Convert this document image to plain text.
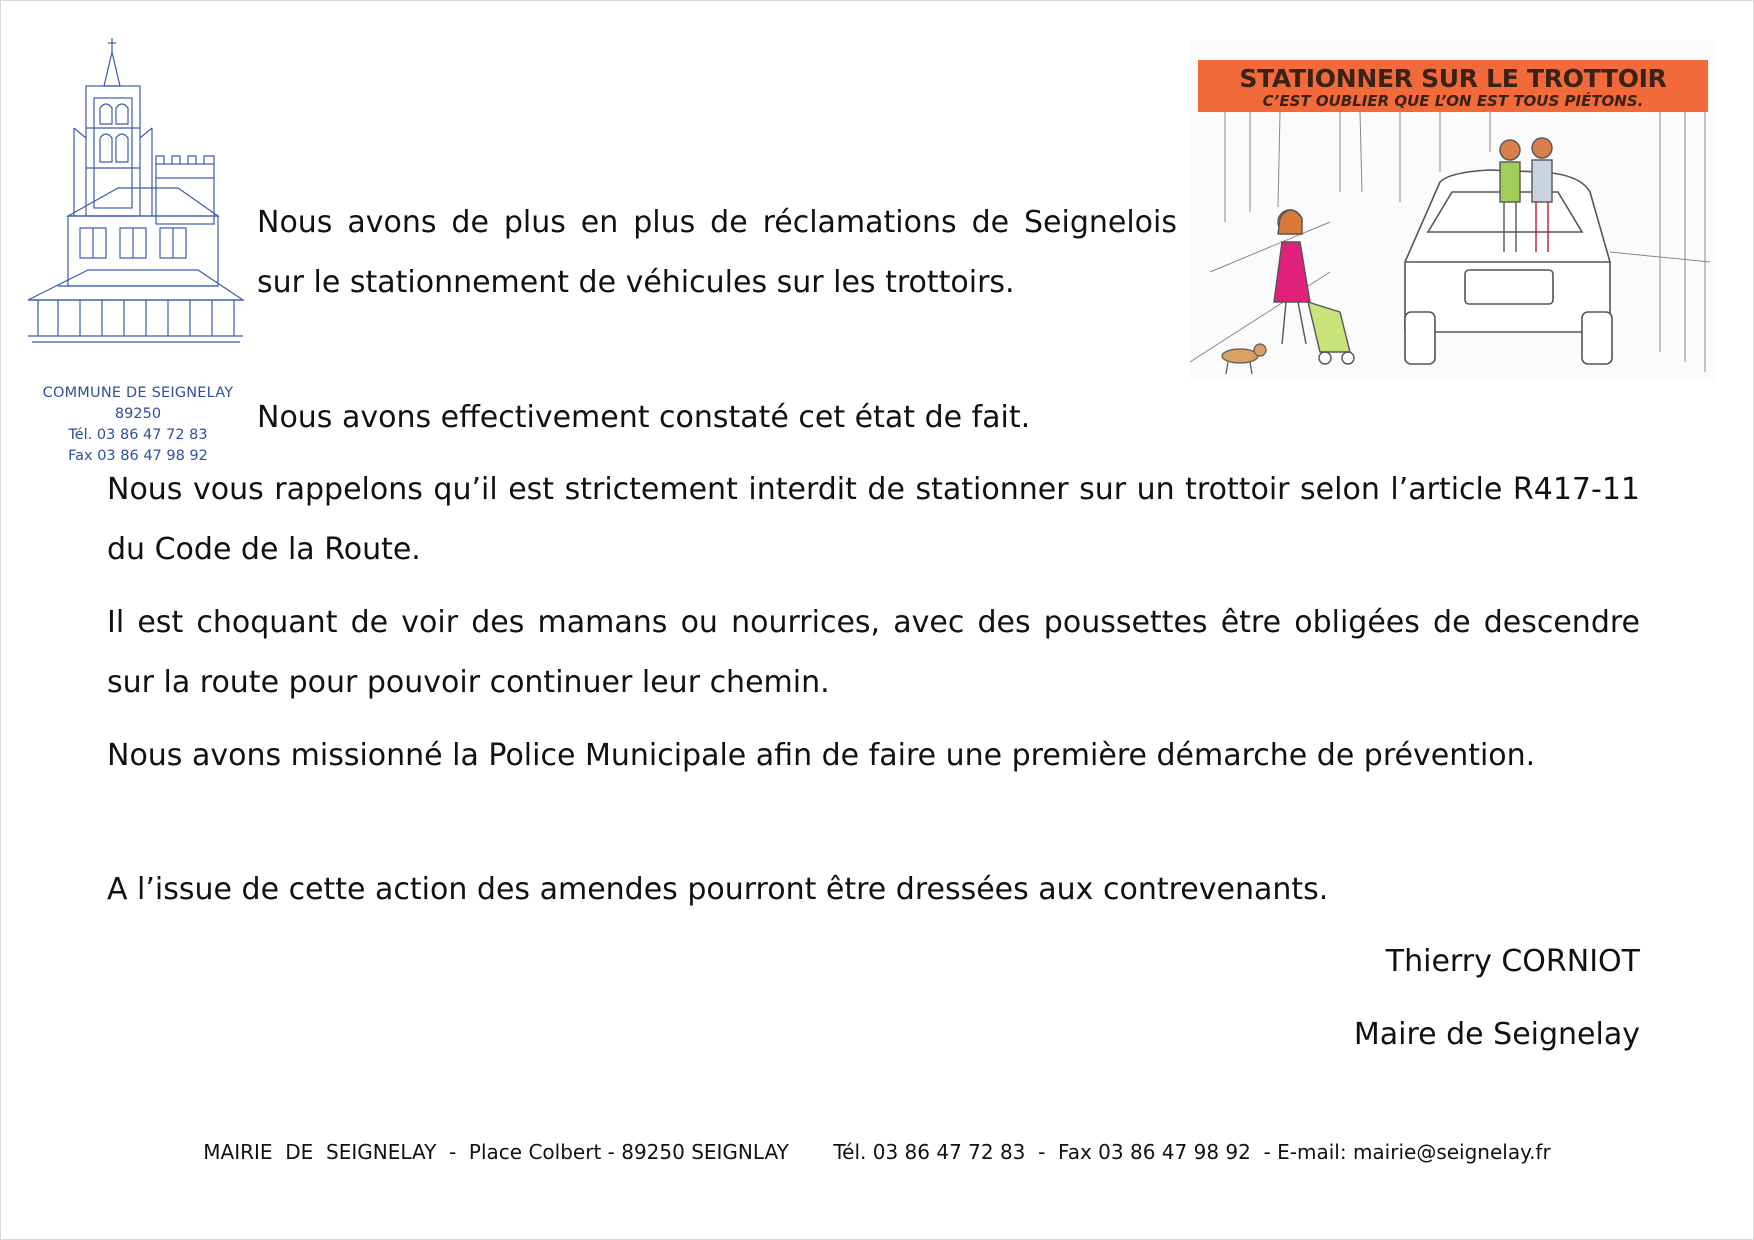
COMMUNE DE SEIGNELAY
89250
Tél. 03 86 47 72 83
Fax 03 86 47 98 92
STATIONNER SUR LE TROTTOIR
C’EST OUBLIER QUE L’ON EST TOUS PIÉTONS.

Nous avons de plus en plus de réclamations de Seignelois sur le stationnement de véhicules sur les trottoirs.

Nous avons effectivement constaté cet état de fait.

Nous vous rappelons qu’il est strictement interdit de stationner sur un trottoir selon l’article R417-11 du Code de la Route.

Il est choquant de voir des mamans ou nourrices, avec des poussettes être obligées de descendre sur la route pour pouvoir continuer leur chemin.

Nous avons missionné la Police Municipale afin de faire une première démarche de prévention.

A l’issue de cette action des amendes pourront être dressées aux contrevenants.

Thierry CORNIOT

Maire de Seignelay

MAIRIE  DE  SEIGNELAY  -  Place Colbert - 89250 SEIGNLAY       Tél. 03 86 47 72 83  -  Fax 03 86 47 98 92  - E-mail: mairie@seignelay.fr
